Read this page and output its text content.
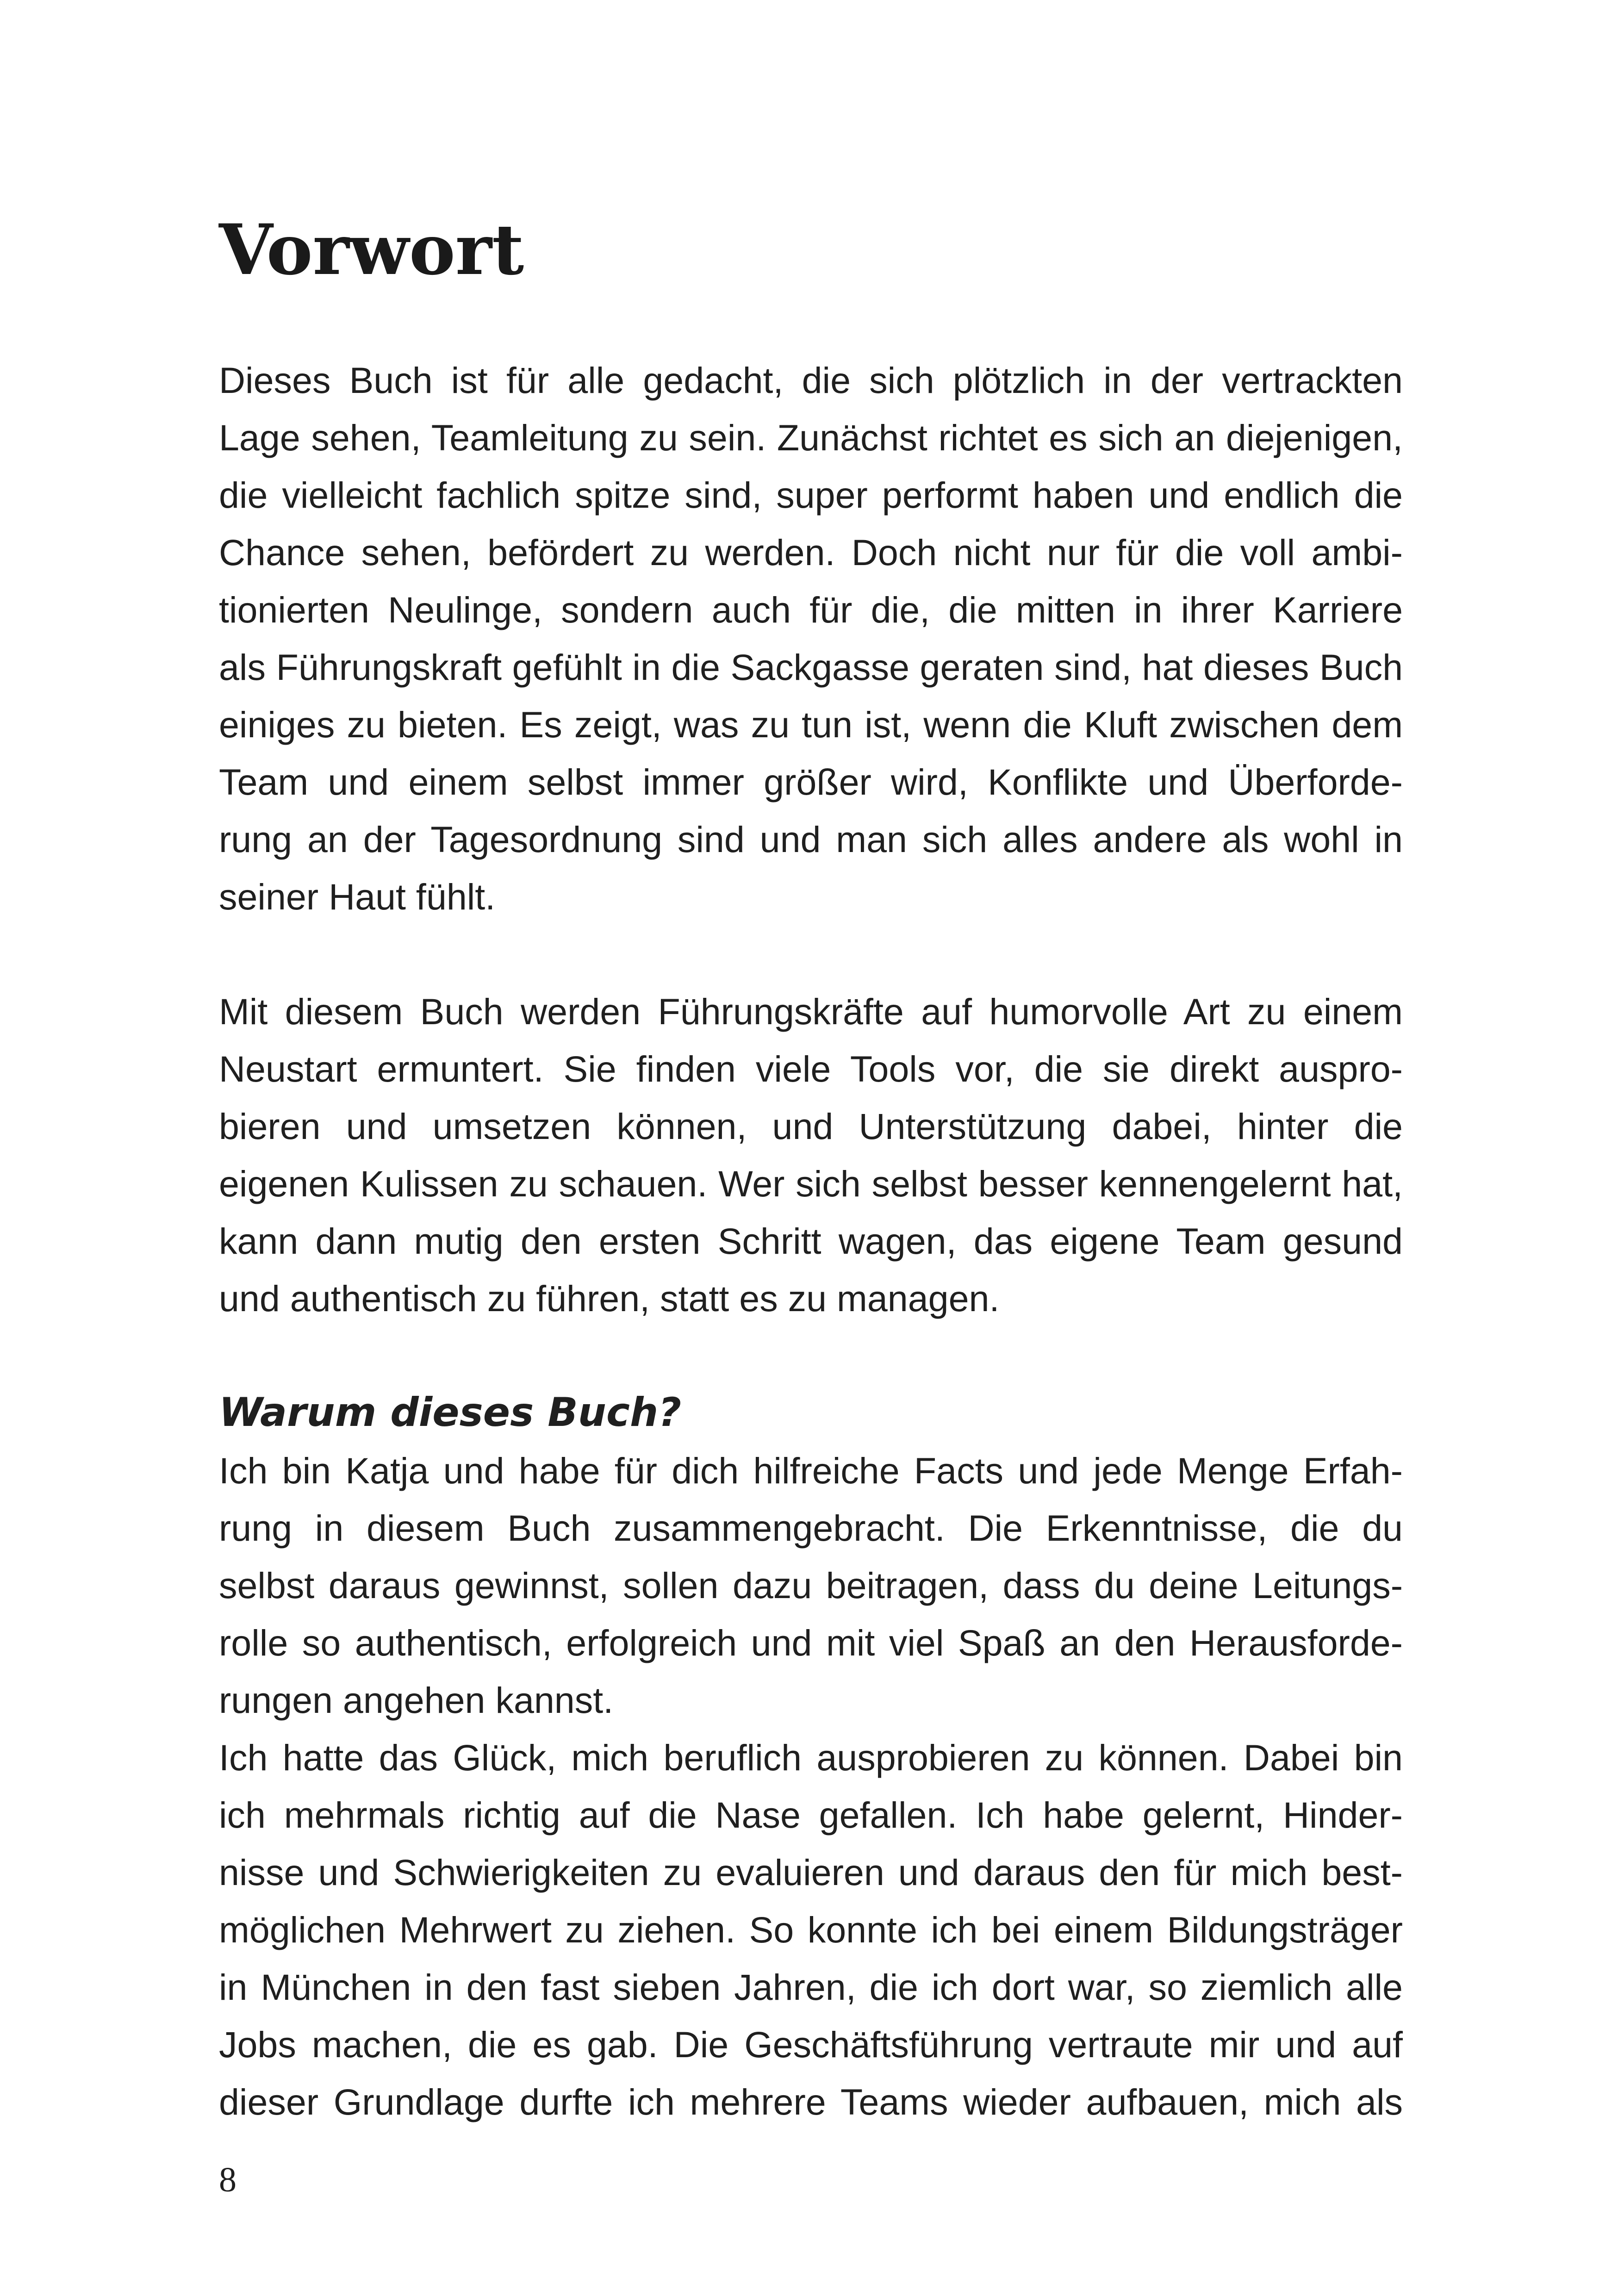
Vorwort
Dieses Buch ist für alle gedacht, die sich plötzlich in der vertrackten
Lage sehen, Teamleitung zu sein. Zunächst richtet es sich an diejenigen,
die vielleicht fachlich spitze sind, super performt haben und endlich die
Chance sehen, befördert zu werden. Doch nicht nur für die voll ambi-
tionierten Neulinge, sondern auch für die, die mitten in ihrer Karriere
als Führungskraft gefühlt in die Sackgasse geraten sind, hat dieses Buch
einiges zu bieten. Es zeigt, was zu tun ist, wenn die Kluft zwischen dem
Team und einem selbst immer größer wird, Konflikte und Überforde-
rung an der Tagesordnung sind und man sich alles andere als wohl in
seiner Haut fühlt.
Mit diesem Buch werden Führungskräfte auf humorvolle Art zu einem
Neustart ermuntert. Sie finden viele Tools vor, die sie direkt auspro-
bieren und umsetzen können, und Unterstützung dabei, hinter die
eigenen Kulissen zu schauen. Wer sich selbst besser kennengelernt hat,
kann dann mutig den ersten Schritt wagen, das eigene Team gesund
und authentisch zu führen, statt es zu managen.
Warum dieses Buch?
Ich bin Katja und habe für dich hilfreiche Facts und jede Menge Erfah-
rung in diesem Buch zusammengebracht. Die Erkenntnisse, die du
selbst daraus gewinnst, sollen dazu beitragen, dass du deine Leitungs-
rolle so authentisch, erfolgreich und mit viel Spaß an den Herausforde-
rungen angehen kannst.
Ich hatte das Glück, mich beruflich ausprobieren zu können. Dabei bin
ich mehrmals richtig auf die Nase gefallen. Ich habe gelernt, Hinder-
nisse und Schwierigkeiten zu evaluieren und daraus den für mich best-
möglichen Mehrwert zu ziehen. So konnte ich bei einem Bildungsträger
in München in den fast sieben Jahren, die ich dort war, so ziemlich alle
Jobs machen, die es gab. Die Geschäftsführung vertraute mir und auf
dieser Grundlage durfte ich mehrere Teams wieder aufbauen, mich als
8
